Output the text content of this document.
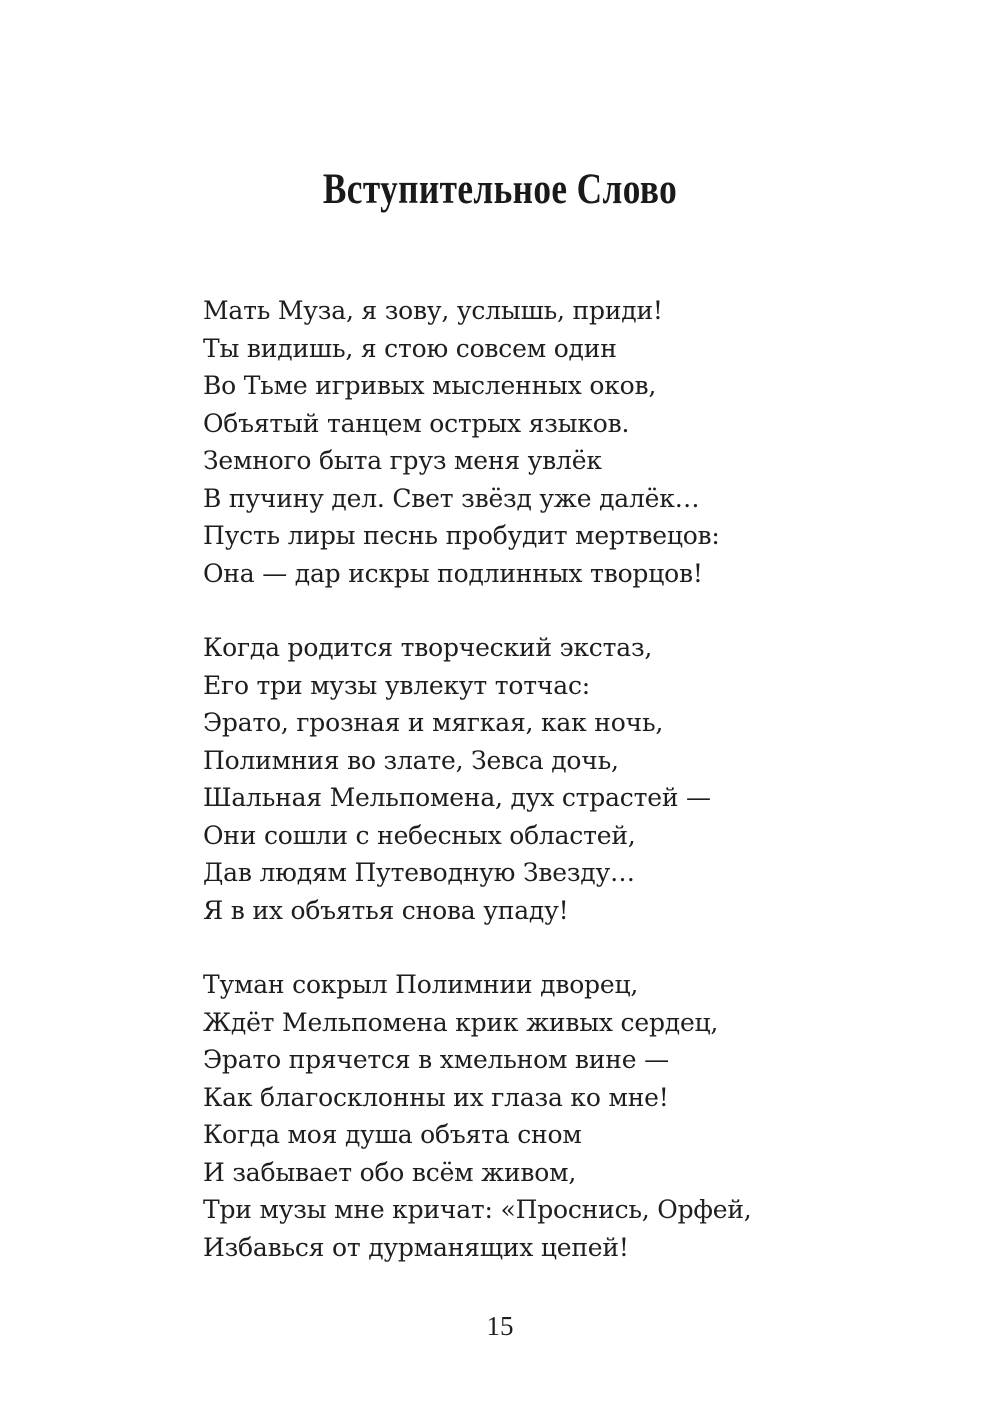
Вступительное Слово
Мать Муза, я зову, услышь, приди!
Ты видишь, я стою совсем один
Во Тьме игривых мысленных оков,
Объятый танцем острых языков.
Земного быта груз меня увлёк
В пучину дел. Свет звёзд уже далёк…
Пусть лиры песнь пробудит мертвецов:
Она — дар искры подлинных творцов!
Когда родится творческий экстаз,
Его три музы увлекут тотчас:
Эрато, грозная и мягкая, как ночь,
Полимния во злате, Зевса дочь,
Шальная Мельпомена, дух страстей —
Они сошли с небесных областей,
Дав людям Путеводную Звезду…
Я в их объятья снова упаду!
Туман сокрыл Полимнии дворец,
Ждёт Мельпомена крик живых сердец,
Эрато прячется в хмельном вине —
Как благосклонны их глаза ко мне!
Когда моя душа объята сном
И забывает обо всём живом,
Три музы мне кричат: «Проснись, Орфей,
Избавься от дурманящих цепей!
15
